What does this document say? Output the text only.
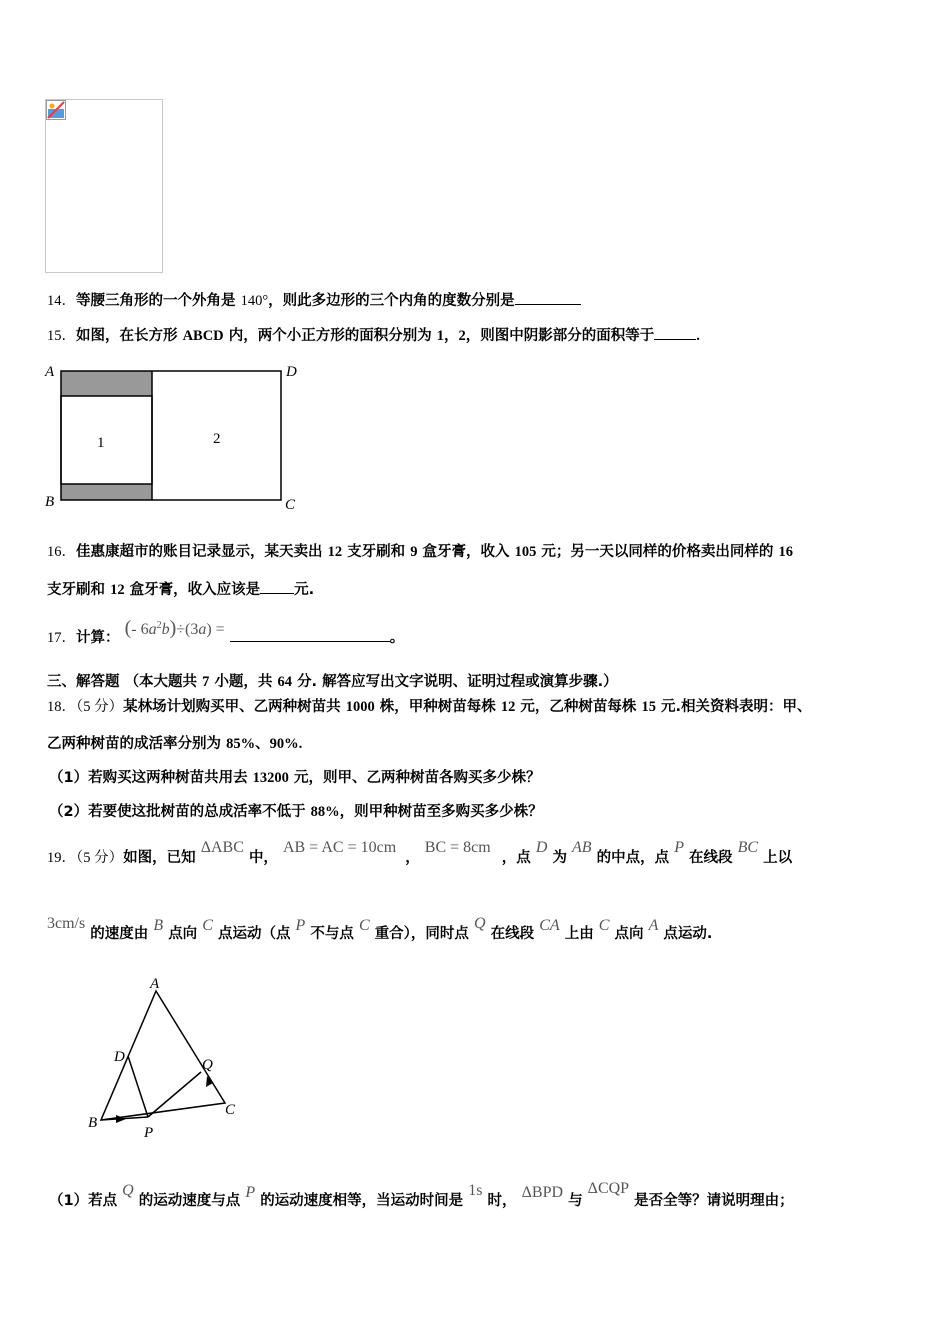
14．等腰三角形的一个外角是 140°，则此多边形的三个内角的度数分别是
15．如图，在长方形 ABCD 内，两个小正方形的面积分别为 1，2，则图中阴影部分的面积等于	.
A	D
B	C
1	2
16．佳惠康超市的账目记录显示，某天卖出 12 支牙刷和 9 盒牙膏，收入 105 元；另一天以同样的价格卖出同样的 16
支牙刷和 12 盒牙膏，收入应该是 元.
17．计算： (- $6a^2b)\div(3a)$ =	。
三、解答题 （本大题共 7 小题，共 64 分. 解答应写出文字说明、证明过程或演算步骤.）
18．（5 分）某林场计划购买甲、乙两种树苗共 1000 株，甲种树苗每株 12 元，乙种树苗每株 15 元.相关资料表明：甲、
乙两种树苗的成活率分别为 85%、90%.
（1）若购买这两种树苗共用去 13200 元，则甲、乙两种树苗各购买多少株？
（2）若要使这批树苗的总成活率不低于 88%，则甲种树苗至多购买多少株？
19．（5 分）如图，已知 ΔABC 中， AB = AC = 10cm ， BC = 8cm ，点 D 为 AB 的中点，点 P 在线段 BC 上以
3cm/s 的速度由 B 点向 C 点运动（点 P 不与点 C 重合），同时点 Q 在线段 CA 上由 C 点向 A 点运动.
A
D	Q
B
P
C
（1）若点 Q 的运动速度与点 P 的运动速度相等，当运动时间是 1s 时， ΔBPD 与 ΔCQP 是否全等？请说明理由；
